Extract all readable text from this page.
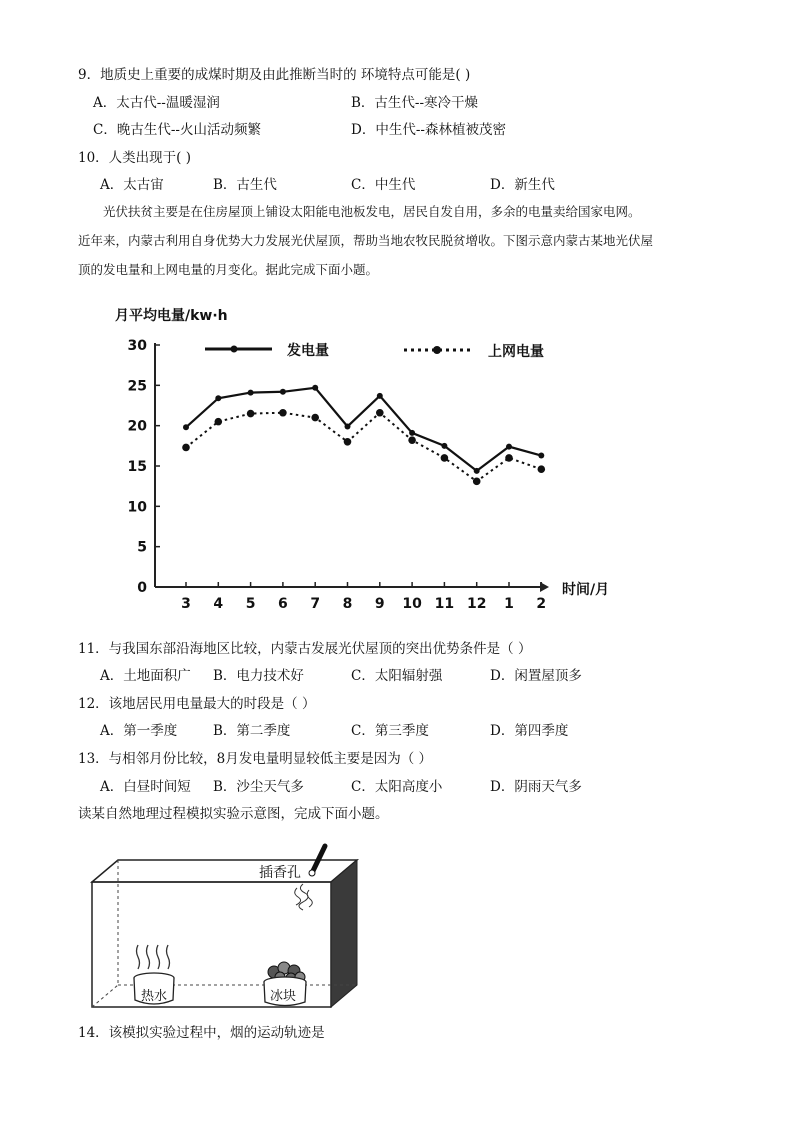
9．地质史上重要的成煤时期及由此推断当时的 环境特点可能是( )
A．太古代--温暖湿润	B．古生代--寒冷干燥
C．晚古生代--火山活动频繁	D．中生代--森林植被茂密
10．人类出现于( )
A．太古宙	B．古生代	C．中生代	D．新生代
光伏扶贫主要是在住房屋顶上铺设太阳能电池板发电，居民自发自用，多余的电量卖给国家电网。
近年来，内蒙古利用自身优势大力发展光伏屋顶，帮助当地农牧民脱贫增收。下图示意内蒙古某地光伏屋
顶的发电量和上网电量的月变化。据此完成下面小题。
月平均电量/kw·h
时间/月
0
5
10
15
20
25
30
3 4 5 6 7 8 9 10 11 12 1 2
发电量	上网电量
11．与我国东部沿海地区比较，内蒙古发展光伏屋顶的突出优势条件是（ ）
A．土地面积广 B．电力技术好	C．太阳辐射强	D．闲置屋顶多
12．该地居民用电量最大的时段是（ ）
A．第一季度	B．第二季度	C．第三季度	D．第四季度
13．与相邻月份比较，8月发电量明显较低主要是因为（ ）
A．白昼时间短 B．沙尘天气多	C．太阳高度小	D．阴雨天气多
读某自然地理过程模拟实验示意图，完成下面小题。
插香孔
热水	冰块
14．该模拟实验过程中，烟的运动轨迹是
